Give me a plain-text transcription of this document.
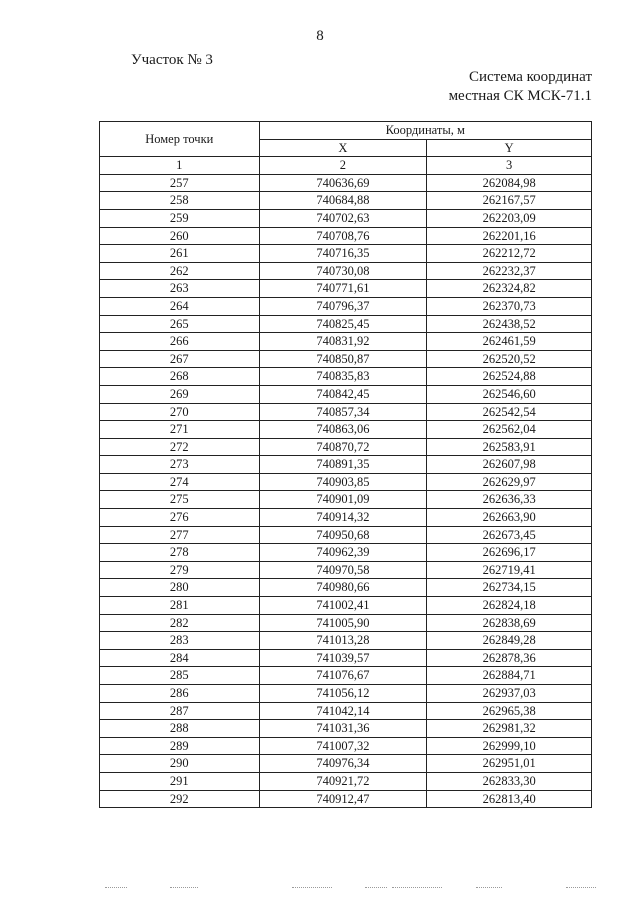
8
Участок № 3
Система координат
местная СК МСК-71.1
Номер точки	Координаты, м	
	X	Y
1	2	3
257	740636,69	262084,98
258	740684,88	262167,57
259	740702,63	262203,09
260	740708,76	262201,16
261	740716,35	262212,72
262	740730,08	262232,37
263	740771,61	262324,82
264	740796,37	262370,73
265	740825,45	262438,52
266	740831,92	262461,59
267	740850,87	262520,52
268	740835,83	262524,88
269	740842,45	262546,60
270	740857,34	262542,54
271	740863,06	262562,04
272	740870,72	262583,91
273	740891,35	262607,98
274	740903,85	262629,97
275	740901,09	262636,33
276	740914,32	262663,90
277	740950,68	262673,45
278	740962,39	262696,17
279	740970,58	262719,41
280	740980,66	262734,15
281	741002,41	262824,18
282	741005,90	262838,69
283	741013,28	262849,28
284	741039,57	262878,36
285	741076,67	262884,71
286	741056,12	262937,03
287	741042,14	262965,38
288	741031,36	262981,32
289	741007,32	262999,10
290	740976,34	262951,01
291	740921,72	262833,30
292	740912,47	262813,40
